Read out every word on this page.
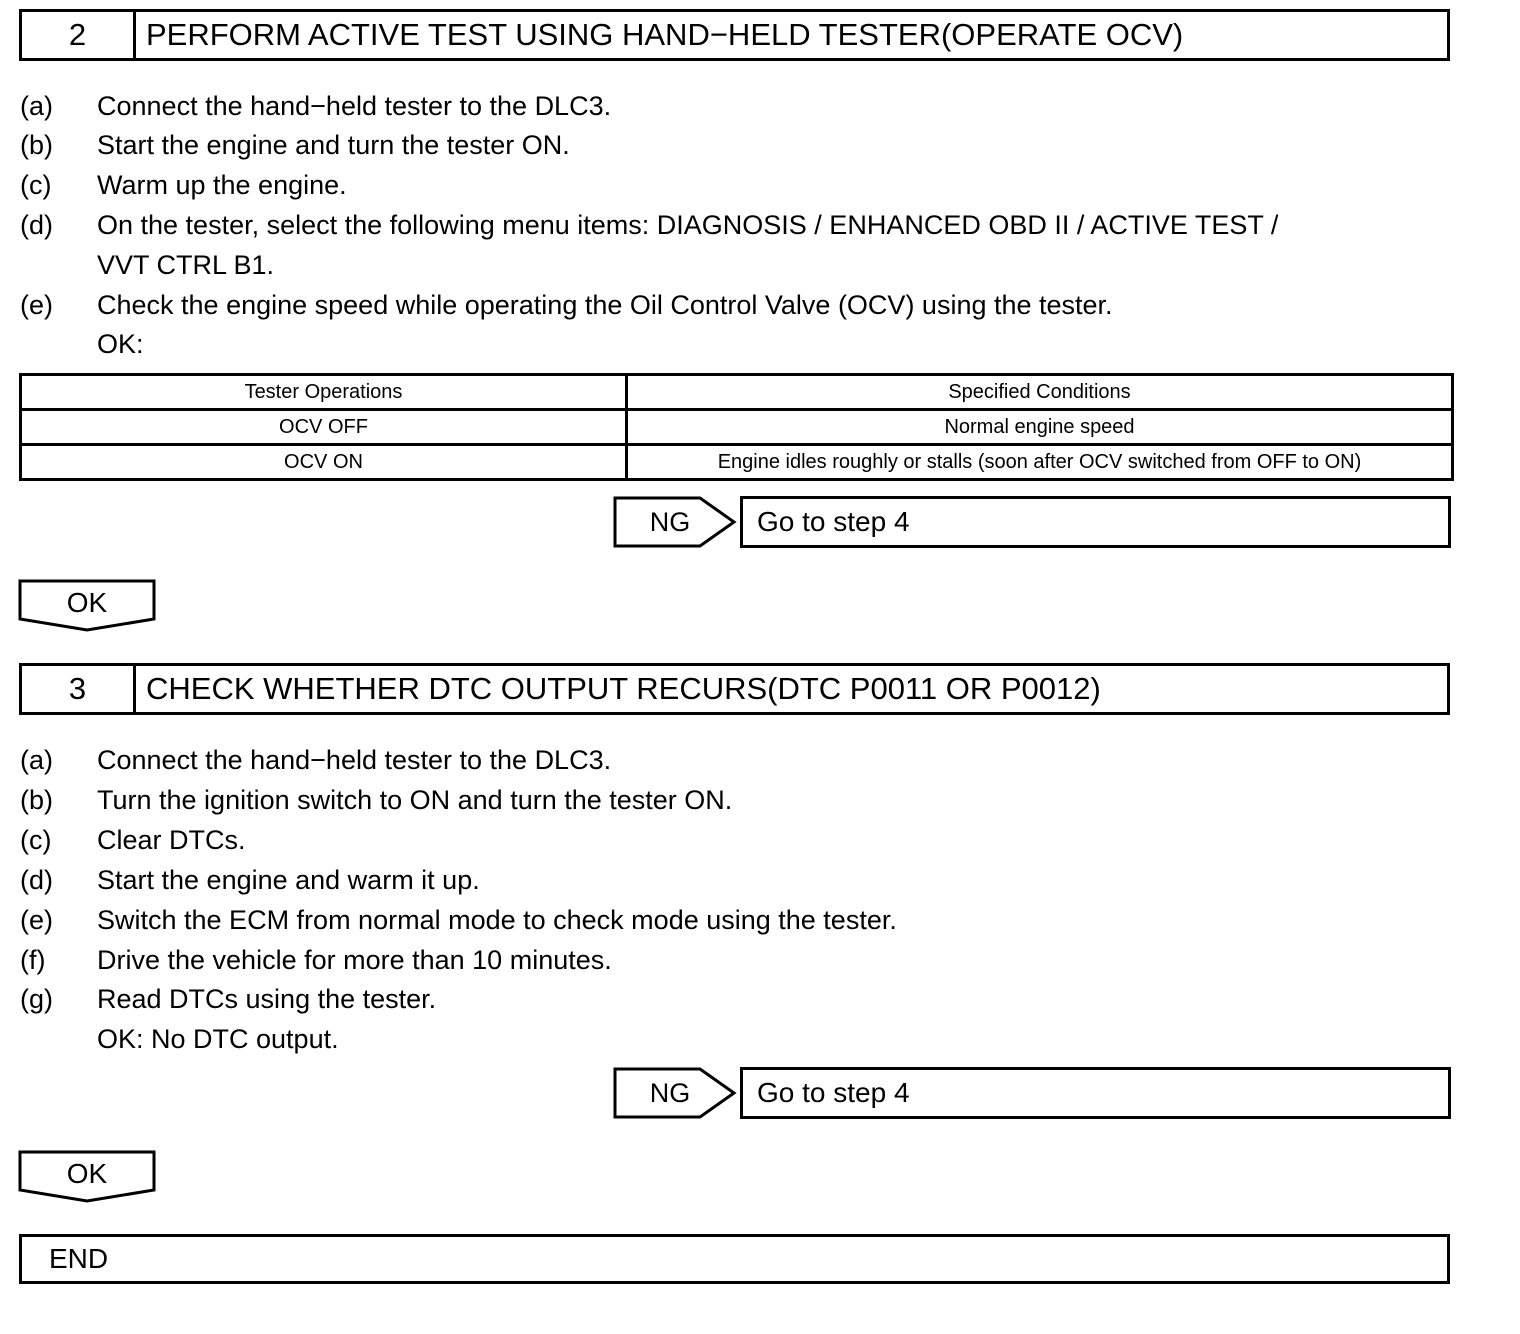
2	PERFORM ACTIVE TEST USING HAND−HELD TESTER(OPERATE OCV)
(a) Connect the hand−held tester to the DLC3.
(b) Start the engine and turn the tester ON.
(c) Warm up the engine.
(d) On the tester, select the following menu items: DIAGNOSIS / ENHANCED OBD II / ACTIVE TEST /
VVT CTRL B1.
(e) Check the engine speed while operating the Oil Control Valve (OCV) using the tester.
OK:
Tester Operations	Specified Conditions
OCV OFF	Normal engine speed
OCV ON	Engine idles roughly or stalls (soon after OCV switched from OFF to ON)
NG	Go to step 4
OK
3	CHECK WHETHER DTC OUTPUT RECURS(DTC P0011 OR P0012)
(a) Connect the hand−held tester to the DLC3.
(b) Turn the ignition switch to ON and turn the tester ON.
(c) Clear DTCs.
(d) Start the engine and warm it up.
(e) Switch the ECM from normal mode to check mode using the tester.
(f) Drive the vehicle for more than 10 minutes.
(g) Read DTCs using the tester.
OK: No DTC output.
NG	Go to step 4
OK
END
